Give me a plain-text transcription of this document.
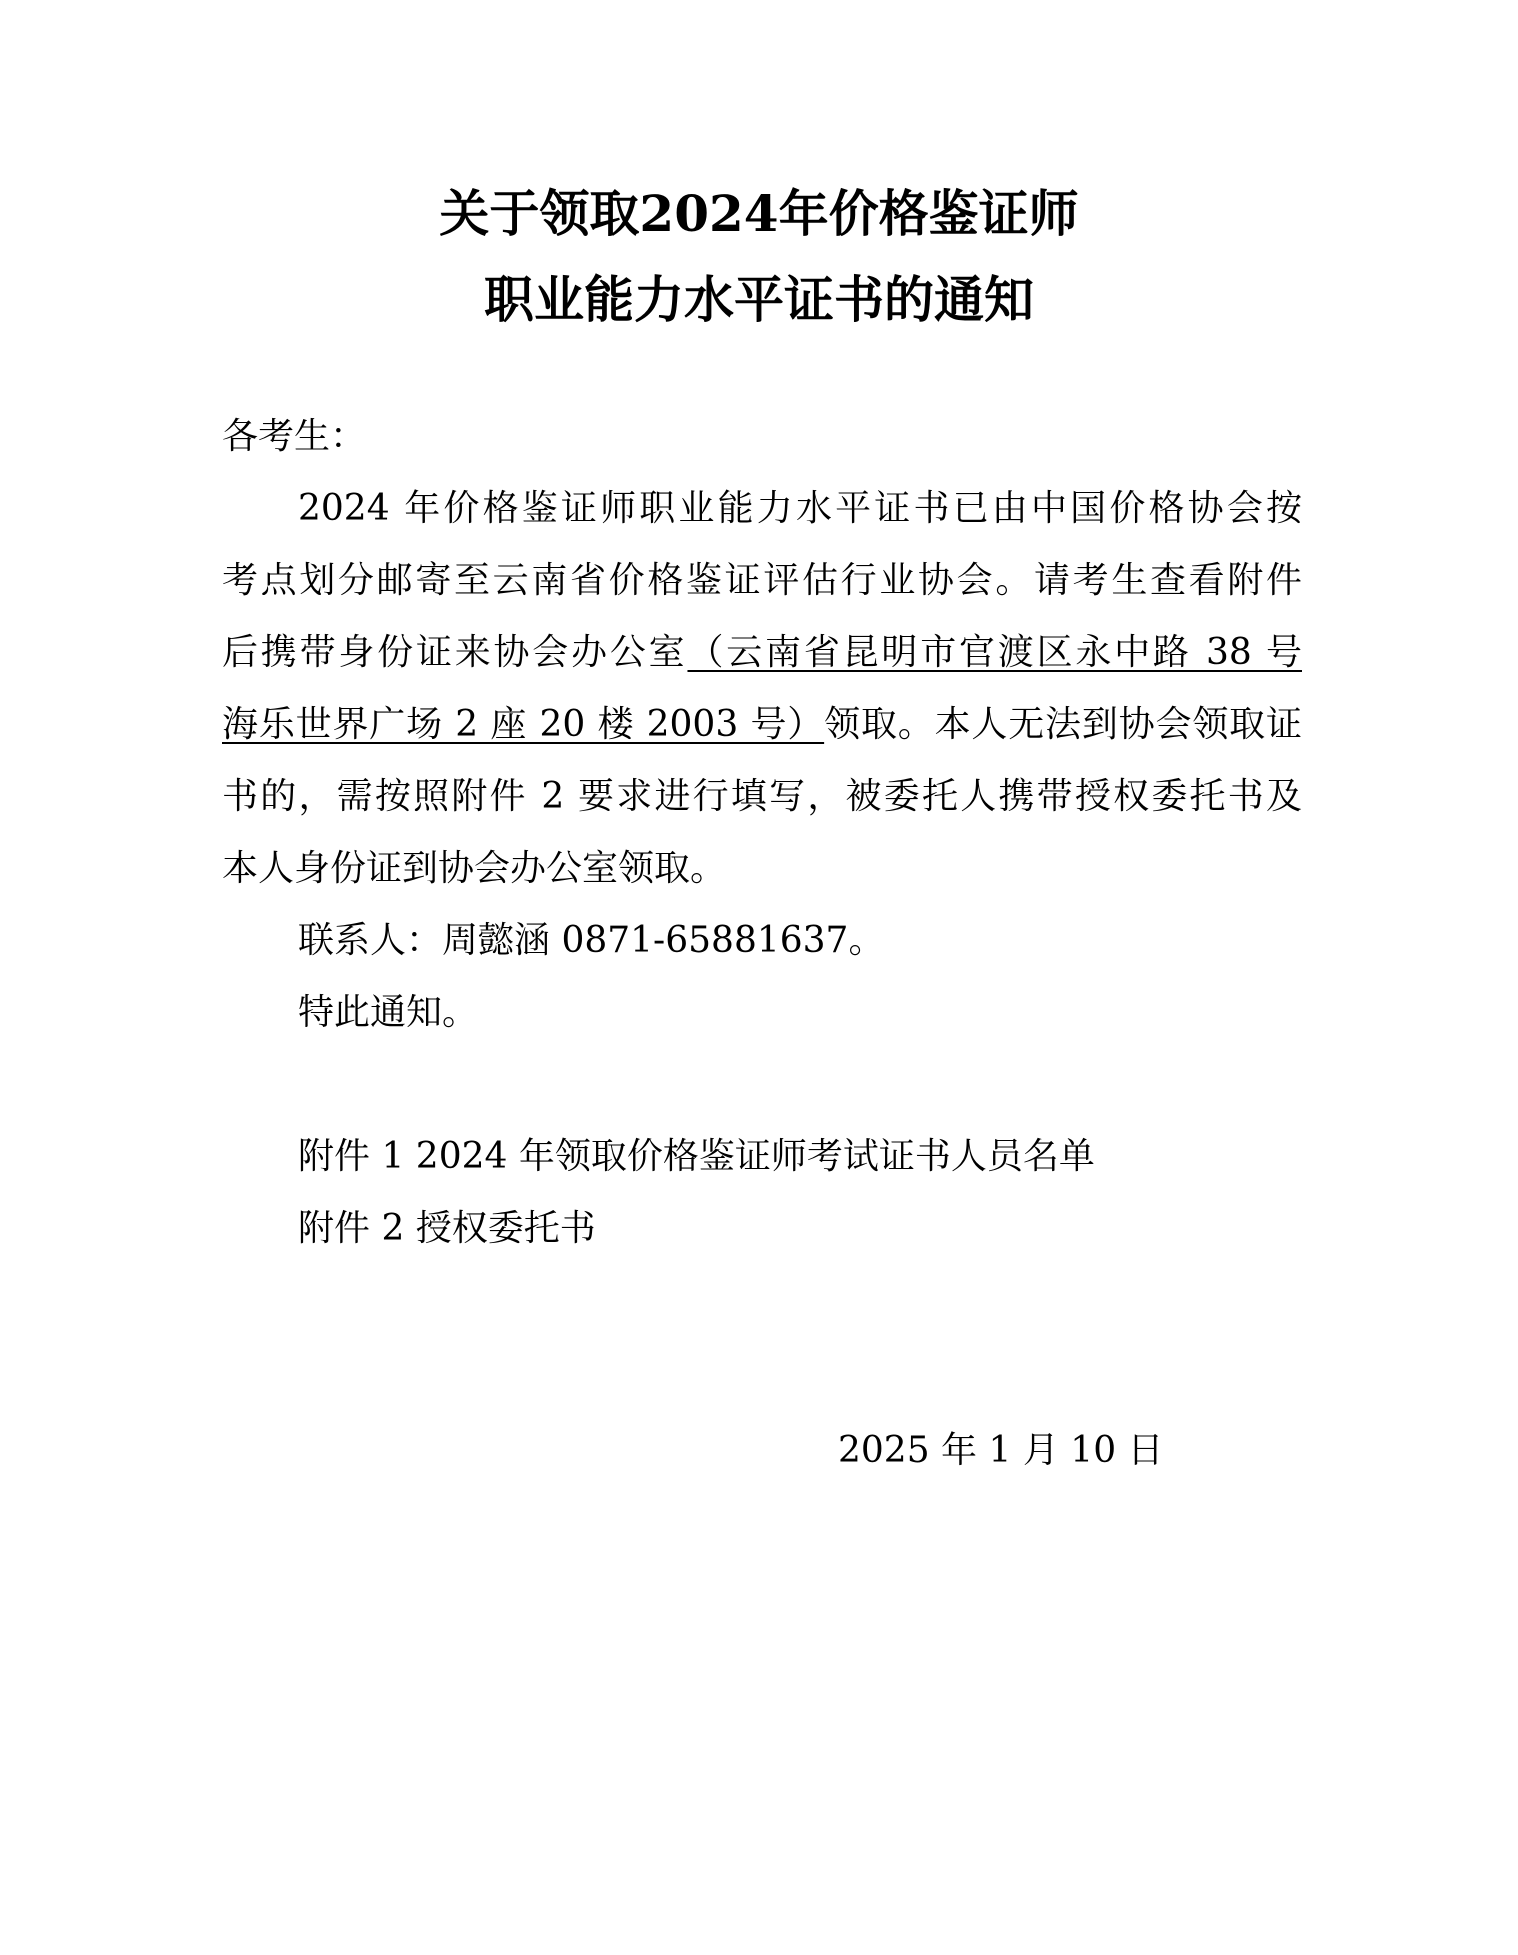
关于领取2024年价格鉴证师
职业能力水平证书的通知
各考生：
2024 年价格鉴证师职业能力水平证书已由中国价格协会按
考点划分邮寄至云南省价格鉴证评估行业协会。请考生查看附件
后携带身份证来协会办公室（云南省昆明市官渡区永中路 38 号
海乐世界广场 2 座 20 楼 2003 号）领取。本人无法到协会领取证
书的，需按照附件 2 要求进行填写，被委托人携带授权委托书及
本人身份证到协会办公室领取。
联系人：周懿涵 0871-65881637。
特此通知。
附件 1 2024 年领取价格鉴证师考试证书人员名单
附件 2 授权委托书
2025 年 1 月 10 日
